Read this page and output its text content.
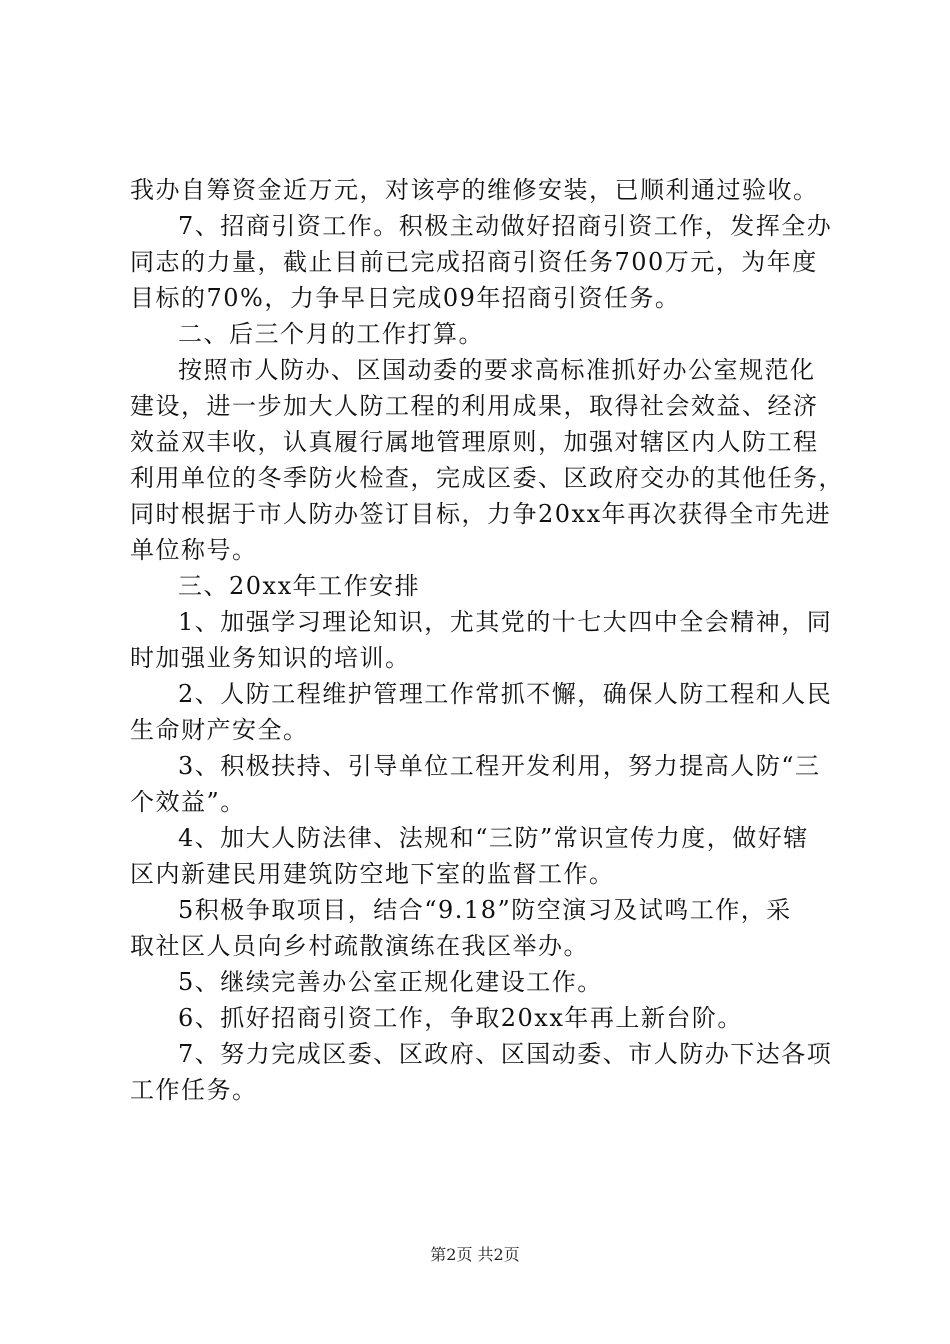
我办自筹资金近万元，对该亭的维修安装，已顺利通过验收。
7、招商引资工作。积极主动做好招商引资工作，发挥全办
同志的力量，截止目前已完成招商引资任务700万元，为年度
目标的70%，力争早日完成09年招商引资任务。
二、后三个月的工作打算。
按照市人防办、区国动委的要求高标准抓好办公室规范化
建设，进一步加大人防工程的利用成果，取得社会效益、经济
效益双丰收，认真履行属地管理原则，加强对辖区内人防工程
利用单位的冬季防火检查，完成区委、区政府交办的其他任务，
同时根据于市人防办签订目标，力争20xx年再次获得全市先进
单位称号。
三、20xx年工作安排
1、加强学习理论知识，尤其党的十七大四中全会精神，同
时加强业务知识的培训。
2、人防工程维护管理工作常抓不懈，确保人防工程和人民
生命财产安全。
3、积极扶持、引导单位工程开发利用，努力提高人防“三
个效益”。
4、加大人防法律、法规和“三防”常识宣传力度，做好辖
区内新建民用建筑防空地下室的监督工作。
5积极争取项目，结合“9.18”防空演习及试鸣工作，采
取社区人员向乡村疏散演练在我区举办。
5、继续完善办公室正规化建设工作。
6、抓好招商引资工作，争取20xx年再上新台阶。
7、努力完成区委、区政府、区国动委、市人防办下达各项
工作任务。
第2页 共2页
